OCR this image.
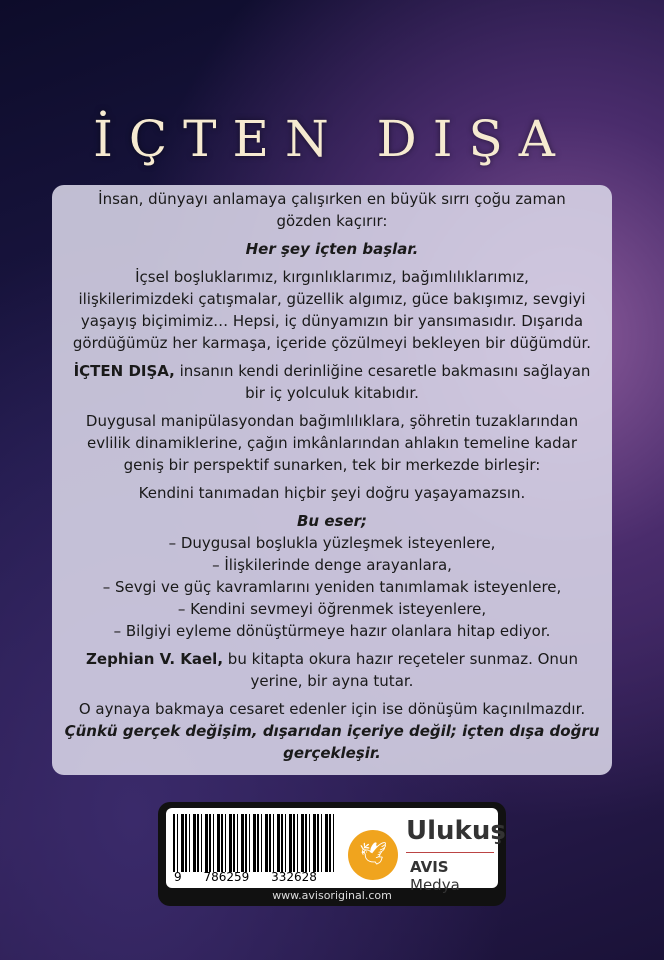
İÇTEN DIŞA
İnsan, dünyayı anlamaya çalışırken en büyük sırrı çoğu zaman
gözden kaçırır:
Her şey içten başlar.
İçsel boşluklarımız, kırgınlıklarımız, bağımlılıklarımız,
ilişkilerimizdeki çatışmalar, güzellik algımız, güce bakışımız, sevgiyi
yaşayış biçimimiz… Hepsi, iç dünyamızın bir yansımasıdır. Dışarıda
gördüğümüz her karmaşa, içeride çözülmeyi bekleyen bir düğümdür.
İÇTEN DIŞA, insanın kendi derinliğine cesaretle bakmasını sağlayan
bir iç yolculuk kitabıdır.
Duygusal manipülasyondan bağımlılıklara, şöhretin tuzaklarından
evlilik dinamiklerine, çağın imkânlarından ahlakın temeline kadar
geniş bir perspektif sunarken, tek bir merkezde birleşir:
Kendini tanımadan hiçbir şeyi doğru yaşayamazsın.
Bu eser;
– Duygusal boşlukla yüzleşmek isteyenlere,
– İlişkilerinde denge arayanlara,
– Sevgi ve güç kavramlarını yeniden tanımlamak isteyenlere,
– Kendini sevmeyi öğrenmek isteyenlere,
– Bilgiyi eyleme dönüştürmeye hazır olanlara hitap ediyor.
Zephian V. Kael, bu kitapta okura hazır reçeteler sunmaz. Onun
yerine, bir ayna tutar.
O aynaya bakmaya cesaret edenler için ise dönüşüm kaçınılmazdır.
Çünkü gerçek değişim, dışarıdan içeriye değil; içten dışa doğru
gerçekleşir.
9 786259 332628
🕊
Ulukuş
AVIS Medya
www.avisoriginal.com
